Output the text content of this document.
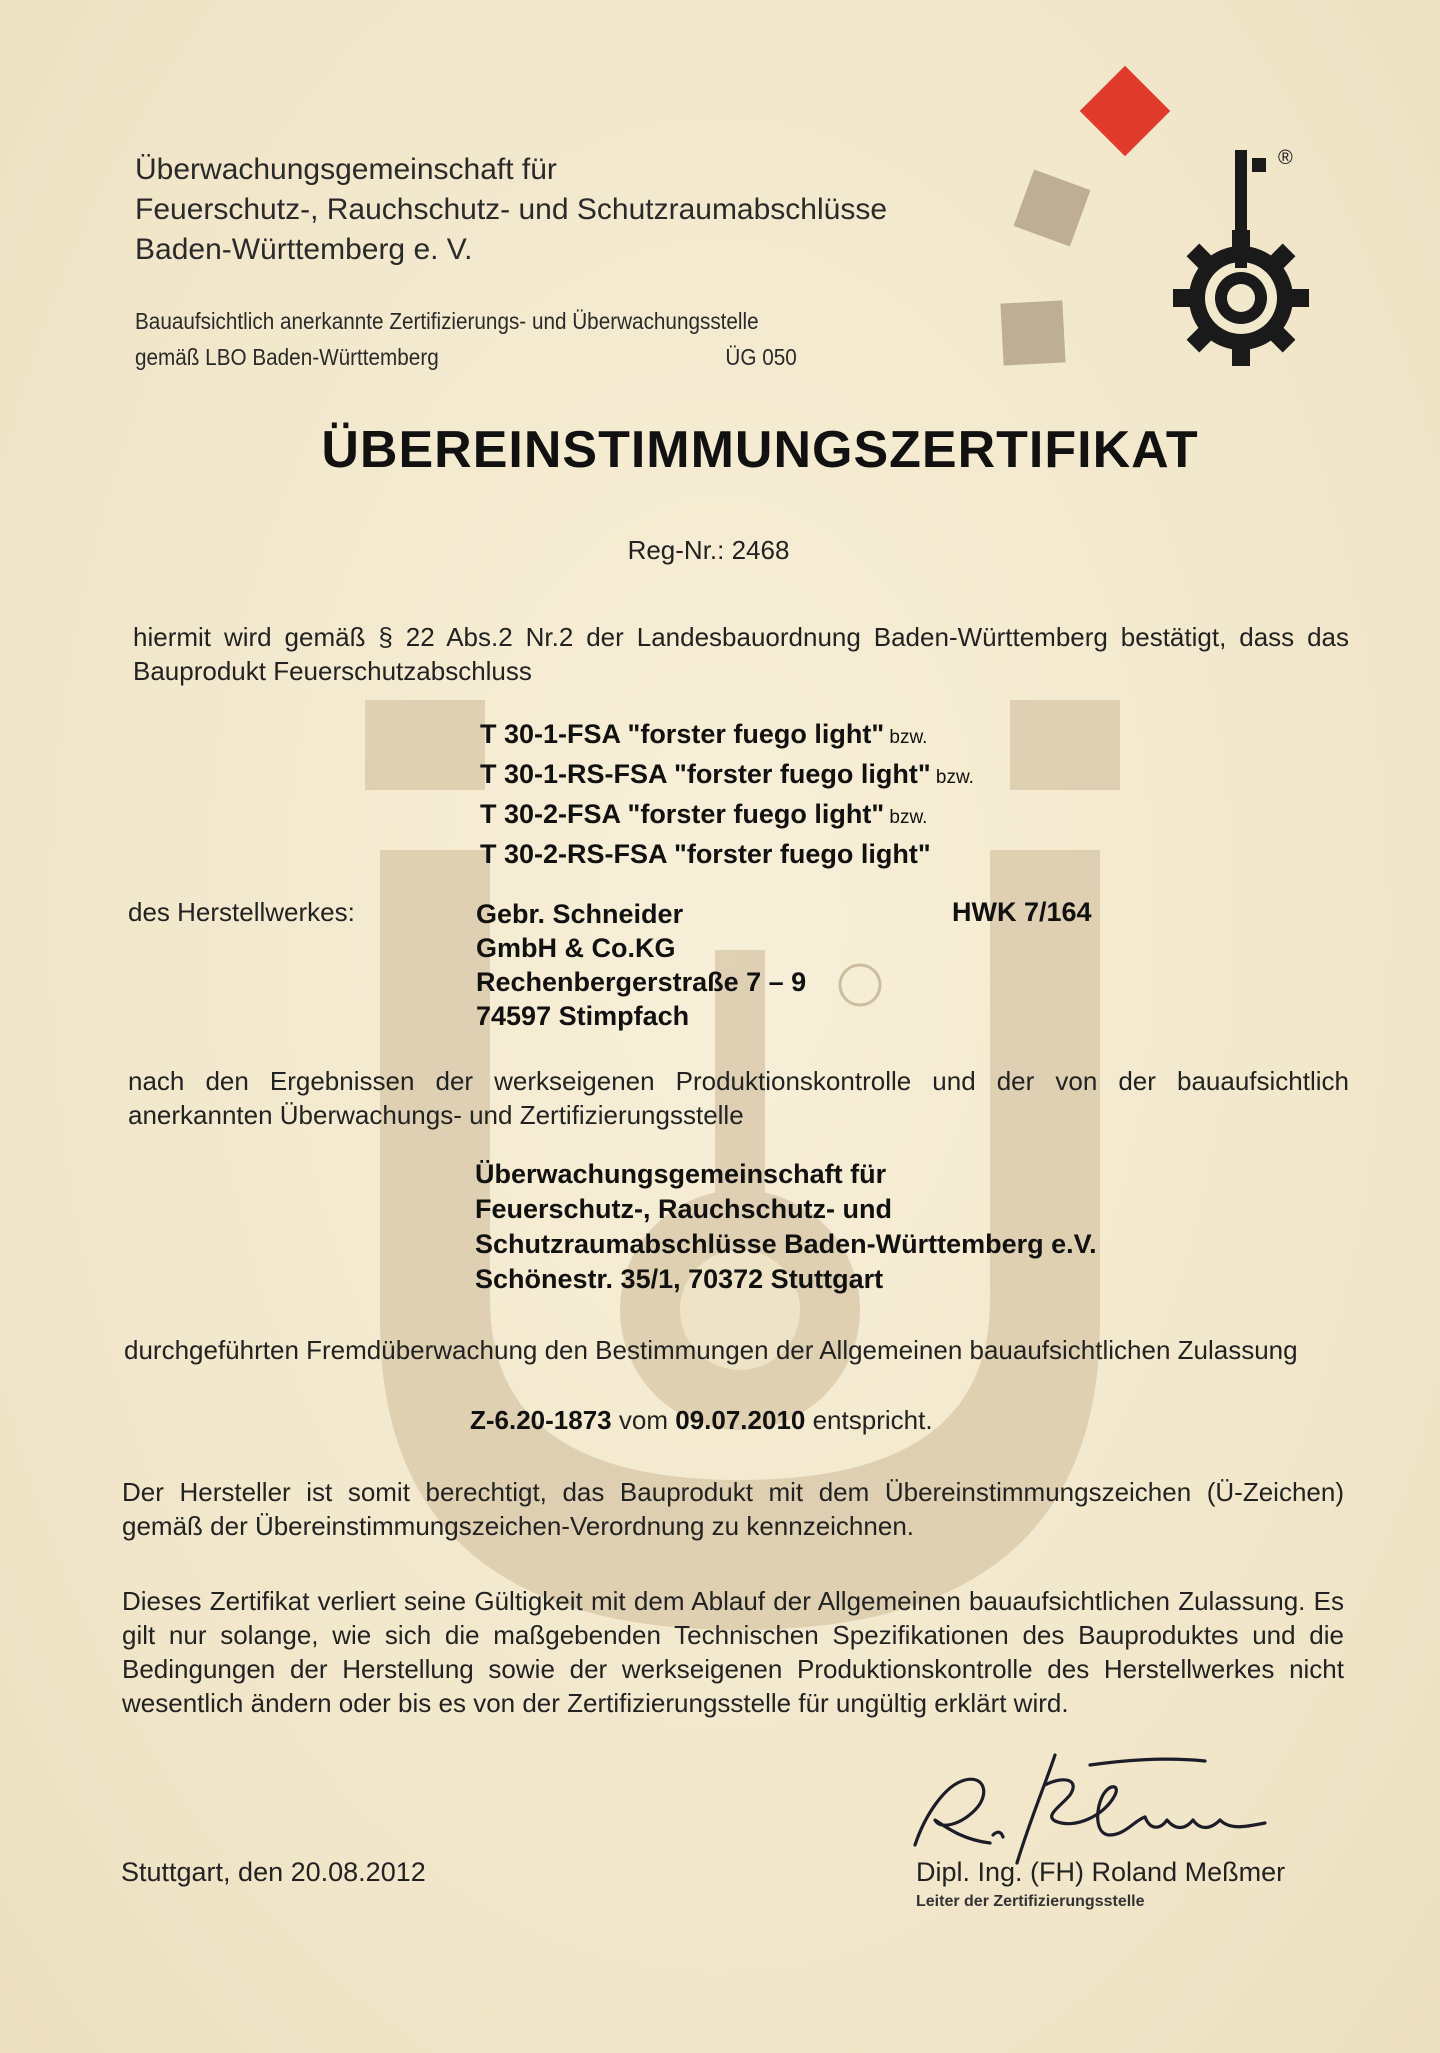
Überwachungsgemeinschaft für
Feuerschutz-, Rauchschutz- und Schutzraumabschlüsse
Baden-Württemberg e. V.
Bauaufsichtlich anerkannte Zertifizierungs- und Überwachungsstelle
gemäß LBO Baden-Württemberg	ÜG 050
®
ÜBEREINSTIMMUNGSZERTIFIKAT
Reg-Nr.: 2468
hiermit wird gemäß § 22 Abs.2 Nr.2 der Landesbauordnung Baden-Württemberg bestätigt, dass das Bauprodukt Feuerschutzabschluss
T 30-1-FSA "forster fuego light" bzw.
T 30-1-RS-FSA "forster fuego light" bzw.
T 30-2-FSA "forster fuego light" bzw.
T 30-2-RS-FSA "forster fuego light"
des Herstellwerkes:	Gebr. Schneider
GmbH & Co.KG
Rechenbergerstraße 7 – 9
74597 Stimpfach
HWK 7/164
nach den Ergebnissen der werkseigenen Produktionskontrolle und der von der bauaufsichtlich anerkannten Überwachungs- und Zertifizierungsstelle
Überwachungsgemeinschaft für
Feuerschutz-, Rauchschutz- und
Schutzraumabschlüsse Baden-Württemberg e.V.
Schönestr. 35/1, 70372 Stuttgart
durchgeführten Fremdüberwachung den Bestimmungen der Allgemeinen bauaufsichtlichen Zulassung
Z-6.20-1873 vom 09.07.2010 entspricht.
Der Hersteller ist somit berechtigt, das Bauprodukt mit dem Übereinstimmungszeichen (Ü-Zeichen) gemäß der Übereinstimmungszeichen-Verordnung zu kennzeichnen.
Dieses Zertifikat verliert seine Gültigkeit mit dem Ablauf der Allgemeinen bauaufsichtlichen Zulassung. Es gilt nur solange, wie sich die maßgebenden Technischen Spezifikationen des Bauproduktes und die Bedingungen der Herstellung sowie der werkseigenen Produktionskontrolle des Herstellwerkes nicht wesentlich ändern oder bis es von der Zertifizierungsstelle für ungültig erklärt wird.
Stuttgart, den 20.08.2012	Dipl. Ing. (FH) Roland Meßmer
Leiter der Zertifizierungsstelle
